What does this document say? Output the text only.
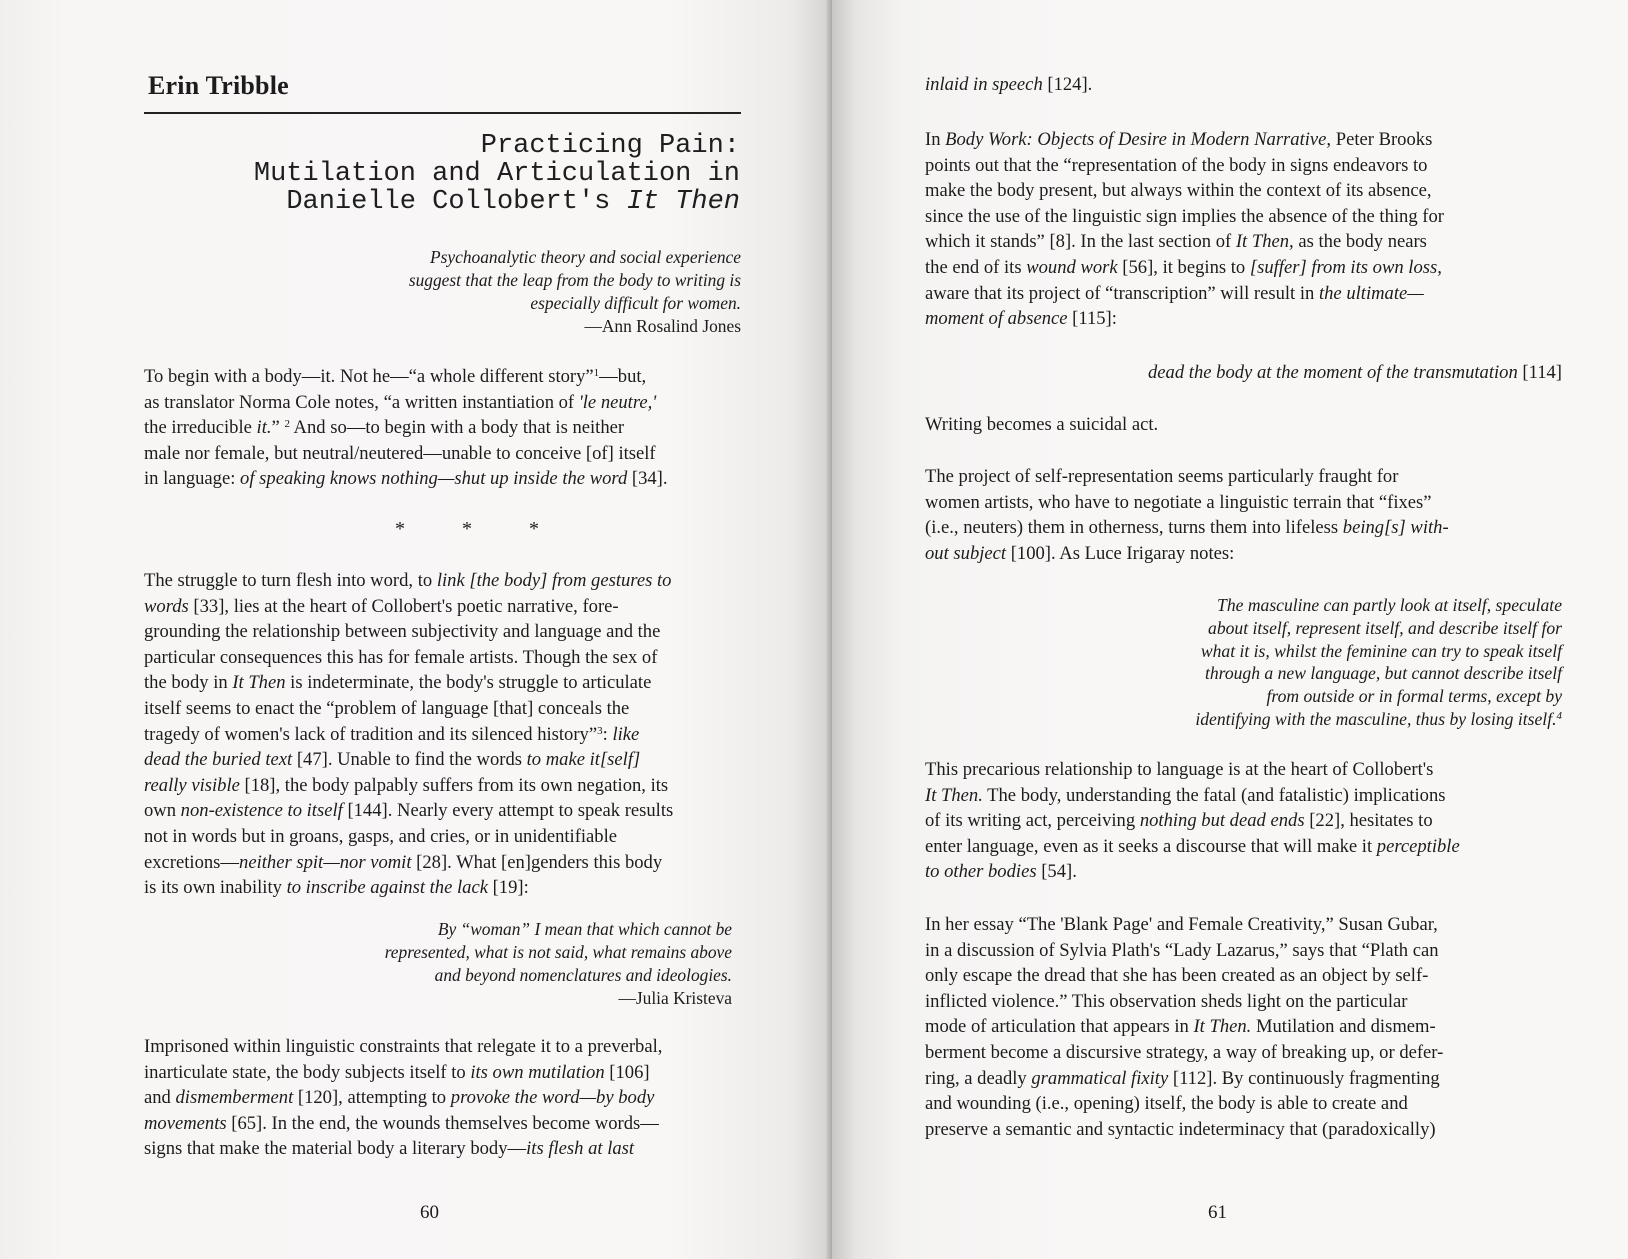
Erin Tribble
Practicing Pain:
Mutilation and Articulation in
Danielle Collobert's It Then
Psychoanalytic theory and social experience
suggest that the leap from the body to writing is
especially difficult for women.
—Ann Rosalind Jones
To begin with a body—it. Not he—“a whole different story”$^1$—but,
as translator Norma Cole notes, “a written instantiation of 'le neutre,'
the irreducible it.” $^2$ And so—to begin with a body that is neither
male nor female, but neutral/neutered—unable to conceive [of] itself
in language: of speaking knows nothing—shut up inside the word [34].
* * *
The struggle to turn flesh into word, to link [the body] from gestures to
words [33], lies at the heart of Collobert's poetic narrative, fore-
grounding the relationship between subjectivity and language and the
particular consequences this has for female artists. Though the sex of
the body in It Then is indeterminate, the body's struggle to articulate
itself seems to enact the “problem of language [that] conceals the
tragedy of women's lack of tradition and its silenced history”$^3$: like
dead the buried text [47]. Unable to find the words to make it[self]
really visible [18], the body palpably suffers from its own negation, its
own non-existence to itself [144]. Nearly every attempt to speak results
not in words but in groans, gasps, and cries, or in unidentifiable
excretions—neither spit—nor vomit [28]. What [en]genders this body
is its own inability to inscribe against the lack [19]:
By “woman” I mean that which cannot be
represented, what is not said, what remains above
and beyond nomenclatures and ideologies.
—Julia Kristeva
Imprisoned within linguistic constraints that relegate it to a preverbal,
inarticulate state, the body subjects itself to its own mutilation [106]
and dismemberment [120], attempting to provoke the word—by body
movements [65]. In the end, the wounds themselves become words—
signs that make the material body a literary body—its flesh at last
60
inlaid in speech [124].
In Body Work: Objects of Desire in Modern Narrative, Peter Brooks
points out that the “representation of the body in signs endeavors to
make the body present, but always within the context of its absence,
since the use of the linguistic sign implies the absence of the thing for
which it stands” [8]. In the last section of It Then, as the body nears
the end of its wound work [56], it begins to [suffer] from its own loss,
aware that its project of “transcription” will result in the ultimate—
moment of absence [115]:
dead the body at the moment of the transmutation [114]
Writing becomes a suicidal act.
The project of self-representation seems particularly fraught for
women artists, who have to negotiate a linguistic terrain that “fixes”
(i.e., neuters) them in otherness, turns them into lifeless being[s] with-
out subject [100]. As Luce Irigaray notes:
The masculine can partly look at itself, speculate
about itself, represent itself, and describe itself for
what it is, whilst the feminine can try to speak itself
through a new language, but cannot describe itself
from outside or in formal terms, except by
identifying with the masculine, thus by losing itself.$^4$
This precarious relationship to language is at the heart of Collobert's
It Then. The body, understanding the fatal (and fatalistic) implications
of its writing act, perceiving nothing but dead ends [22], hesitates to
enter language, even as it seeks a discourse that will make it perceptible
to other bodies [54].
In her essay “The 'Blank Page' and Female Creativity,” Susan Gubar,
in a discussion of Sylvia Plath's “Lady Lazarus,” says that “Plath can
only escape the dread that she has been created as an object by self-
inflicted violence.” This observation sheds light on the particular
mode of articulation that appears in It Then. Mutilation and dismem-
berment become a discursive strategy, a way of breaking up, or defer-
ring, a deadly grammatical fixity [112]. By continuously fragmenting
and wounding (i.e., opening) itself, the body is able to create and
preserve a semantic and syntactic indeterminacy that (paradoxically)
61
